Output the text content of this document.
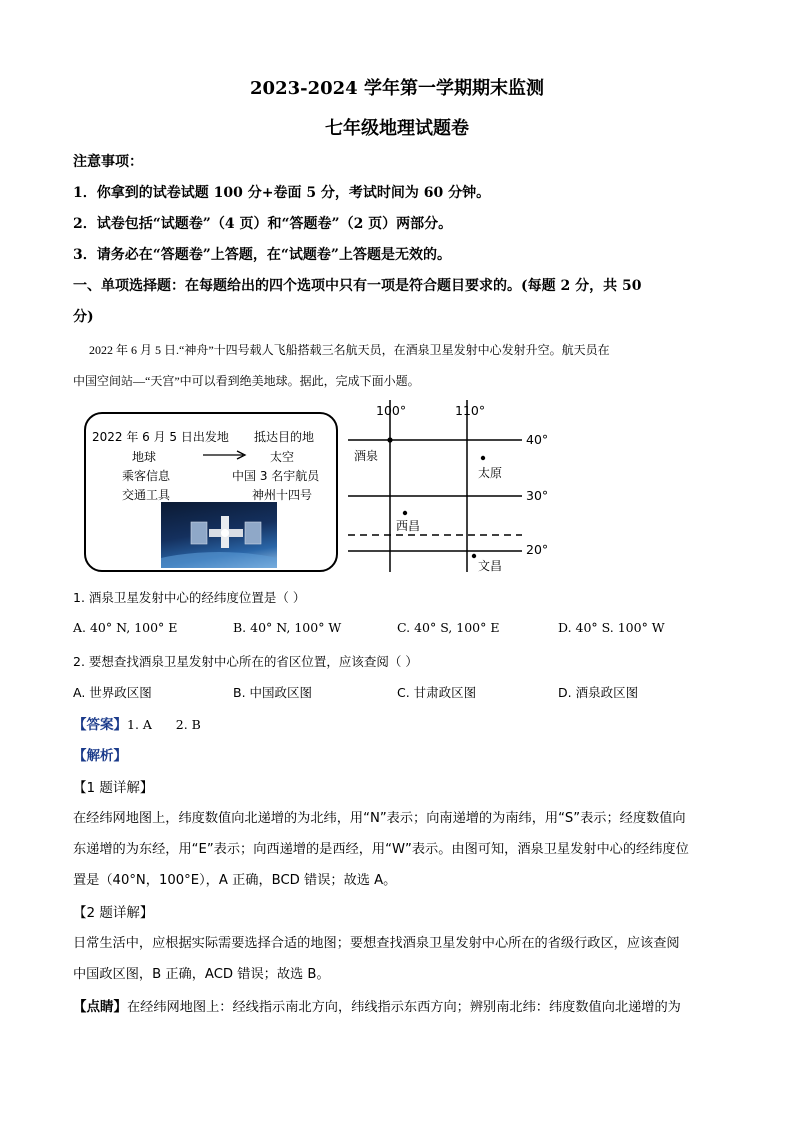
2023-2024 学年第一学期期末监测
七年级地理试题卷
注意事项：
1．你拿到的试卷试题 100 分+卷面 5 分，考试时间为 60 分钟。
2．试卷包括“试题卷”（4 页）和“答题卷”（2 页）两部分。
3．请务必在“答题卷”上答题，在“试题卷”上答题是无效的。
一、单项选择题：在每题给出的四个选项中只有一项是符合题目要求的。(每题 2 分，共 50
分)
2022 年 6 月 5 日.“神舟”十四号载人飞船搭载三名航天员，在酒泉卫星发射中心发射升空。航天员在
中国空间站—“天宫”中可以看到绝美地球。据此，完成下面小题。
2022 年 6 月 5 日出发地 抵达目的地
地球	太空
乘客信息	中国 3 名宇航员
交通工具	神州十四号
100°	110°
40°
30°
20°
酒泉
太原
西昌
文昌
1. 酒泉卫星发射中心的经纬度位置是（ ）
A. 40° N, 100° E	B. 40° N, 100° W	C. 40° S, 100° E	D. 40° S. 100° W
2. 要想查找酒泉卫星发射中心所在的省区位置，应该查阅（ ）
A. 世界政区图	B. 中国政区图	C. 甘肃政区图	D. 酒泉政区图
【答案】1. A      2. B
【解析】
【1 题详解】
在经纬网地图上，纬度数值向北递增的为北纬，用“N”表示；向南递增的为南纬，用“S”表示；经度数值向
东递增的为东经，用“E”表示；向西递增的是西经，用“W”表示。由图可知，酒泉卫星发射中心的经纬度位
置是（40°N，100°E），A 正确，BCD 错误；故选 A。
【2 题详解】
日常生活中，应根据实际需要选择合适的地图；要想查找酒泉卫星发射中心所在的省级行政区，应该查阅
中国政区图，B 正确，ACD 错误；故选 B。
【点睛】在经纬网地图上：经线指示南北方向，纬线指示东西方向；辨别南北纬：纬度数值向北递增的为
